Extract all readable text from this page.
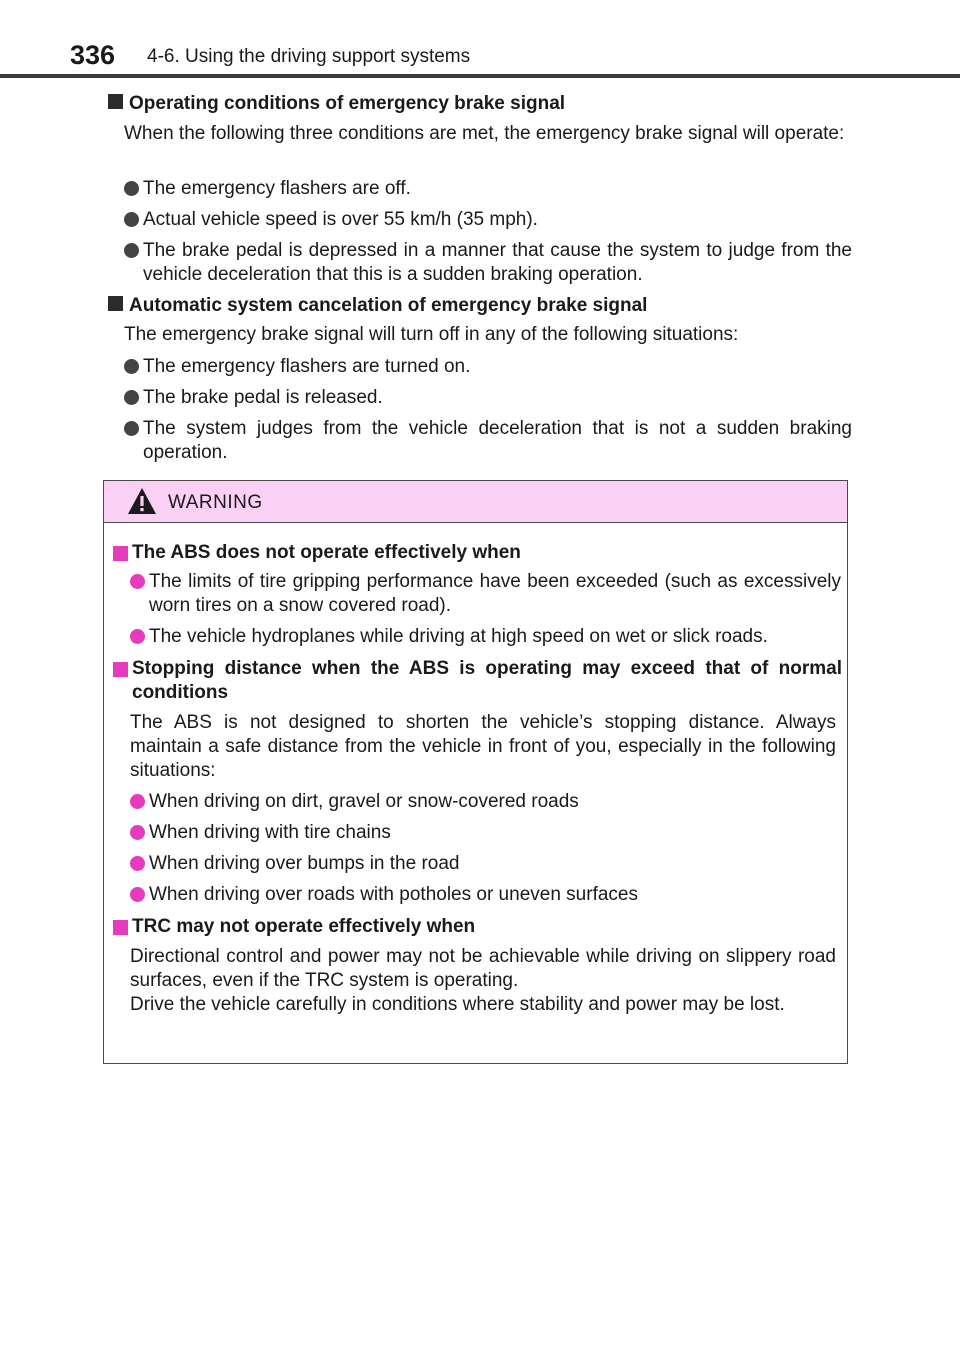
336 4-6. Using the driving support systems
Operating conditions of emergency brake signal
When the following three conditions are met, the emergency brake signal will operate:
The emergency flashers are off.
Actual vehicle speed is over 55 km/h (35 mph).
The brake pedal is depressed in a manner that cause the system to judge from the vehicle deceleration that this is a sudden braking operation.
Automatic system cancelation of emergency brake signal
The emergency brake signal will turn off in any of the following situations:
The emergency flashers are turned on.
The brake pedal is released.
The system judges from the vehicle deceleration that is not a sudden braking operation.
WARNING
The ABS does not operate effectively when
The limits of tire gripping performance have been exceeded (such as excessively worn tires on a snow covered road).
The vehicle hydroplanes while driving at high speed on wet or slick roads.
Stopping distance when the ABS is operating may exceed that of normal conditions
The ABS is not designed to shorten the vehicle’s stopping distance. Always maintain a safe distance from the vehicle in front of you, especially in the following situations:
When driving on dirt, gravel or snow-covered roads
When driving with tire chains
When driving over bumps in the road
When driving over roads with potholes or uneven surfaces
TRC may not operate effectively when
Directional control and power may not be achievable while driving on slippery road surfaces, even if the TRC system is operating.
Drive the vehicle carefully in conditions where stability and power may be lost.
